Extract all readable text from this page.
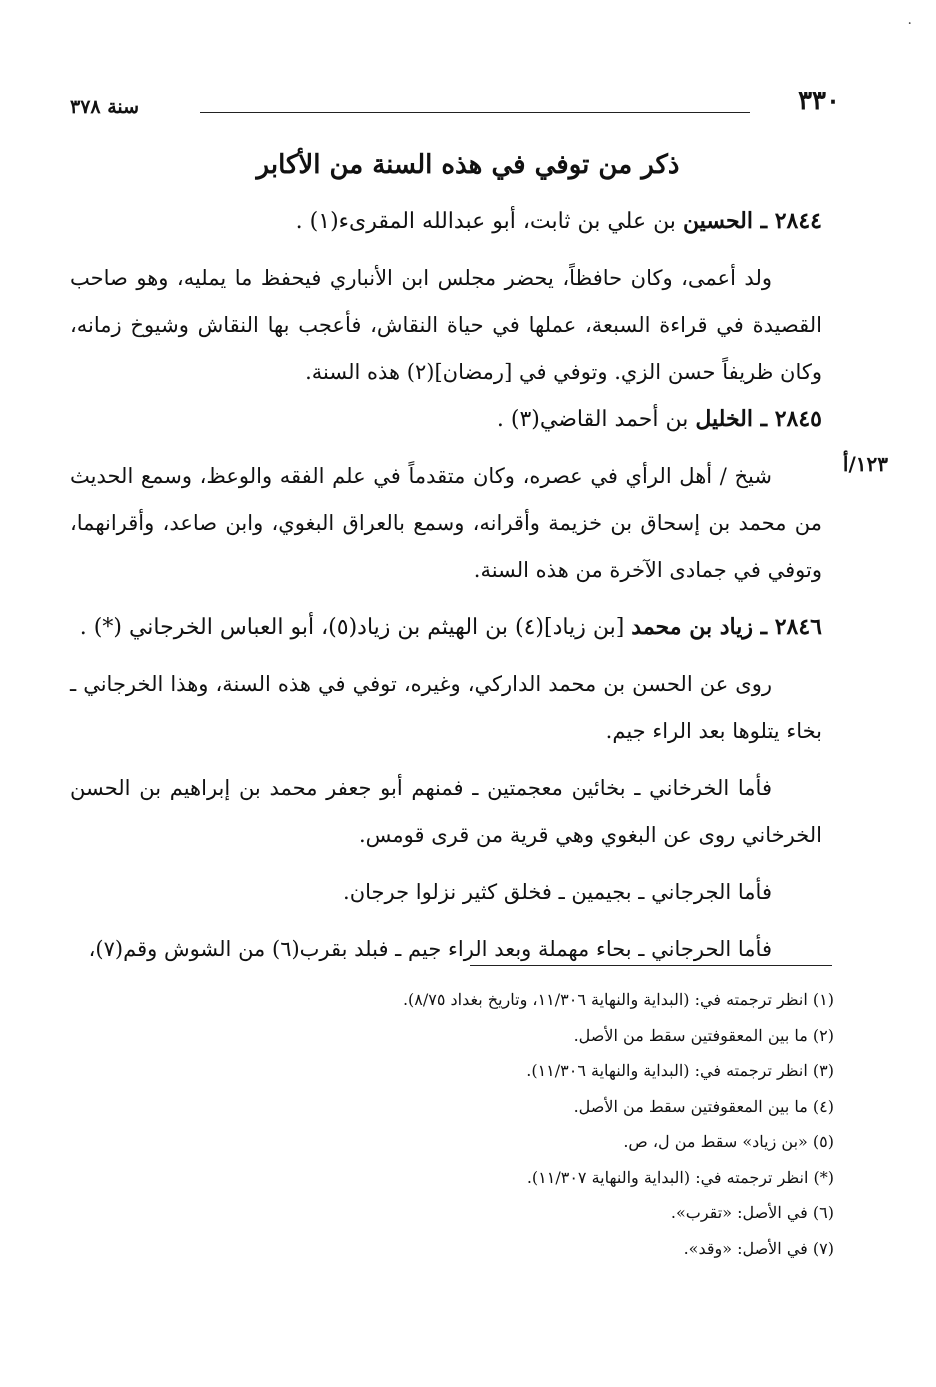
·
٣٣٠
سنة ٣٧٨
ذكر من توفي في هذه السنة من الأكابر

٢٨٤٤ ـ الحسين بن علي بن ثابت، أبو عبدالله المقرىء(١) .

ولد أعمى، وكان حافظاً، يحضر مجلس ابن الأنباري فيحفظ ما يمليه، وهو صاحب القصيدة في قراءة السبعة، عملها في حياة النقاش، فأعجب بها النقاش وشيوخ زمانه، وكان ظريفاً حسن الزي. وتوفي في [رمضان](٢) هذه السنة.

٢٨٤٥ ـ الخليل بن أحمد القاضي(٣) .

شيخ / أهل الرأي في عصره، وكان متقدماً في علم الفقه والوعظ، وسمع الحديث من محمد بن إسحاق بن خزيمة وأقرانه، وسمع بالعراق البغوي، وابن صاعد، وأقرانهما، وتوفي في جمادى الآخرة من هذه السنة.

١٢٣/أ

٢٨٤٦ ـ زياد بن محمد [بن زياد](٤) بن الهيثم بن زياد(٥)، أبو العباس الخرجاني (*) .

روى عن الحسن بن محمد الداركي، وغيره، توفي في هذه السنة، وهذا الخرجاني ـ بخاء يتلوها بعد الراء جيم.

فأما الخرخاني ـ بخائين معجمتين ـ فمنهم أبو جعفر محمد بن إبراهيم بن الحسن الخرخاني روى عن البغوي وهي قرية من قرى قومس.

فأما الجرجاني ـ بجيمين ـ فخلق كثير نزلوا جرجان.

فأما الحرجاني ـ بحاء مهملة وبعد الراء جيم ـ فبلد بقرب(٦) من الشوش وقم(٧)،

(١) انظر ترجمته في: (البداية والنهاية ١١/٣٠٦، وتاريخ بغداد ٨/٧٥).
(٢) ما بين المعقوفتين سقط من الأصل.
(٣) انظر ترجمته في: (البداية والنهاية ١١/٣٠٦).
(٤) ما بين المعقوفتين سقط من الأصل.
(٥) «بن زياد» سقط من ل، ص.
(*) انظر ترجمته في: (البداية والنهاية ١١/٣٠٧).
(٦) في الأصل: «تقرب».
(٧) في الأصل: «وقد».
